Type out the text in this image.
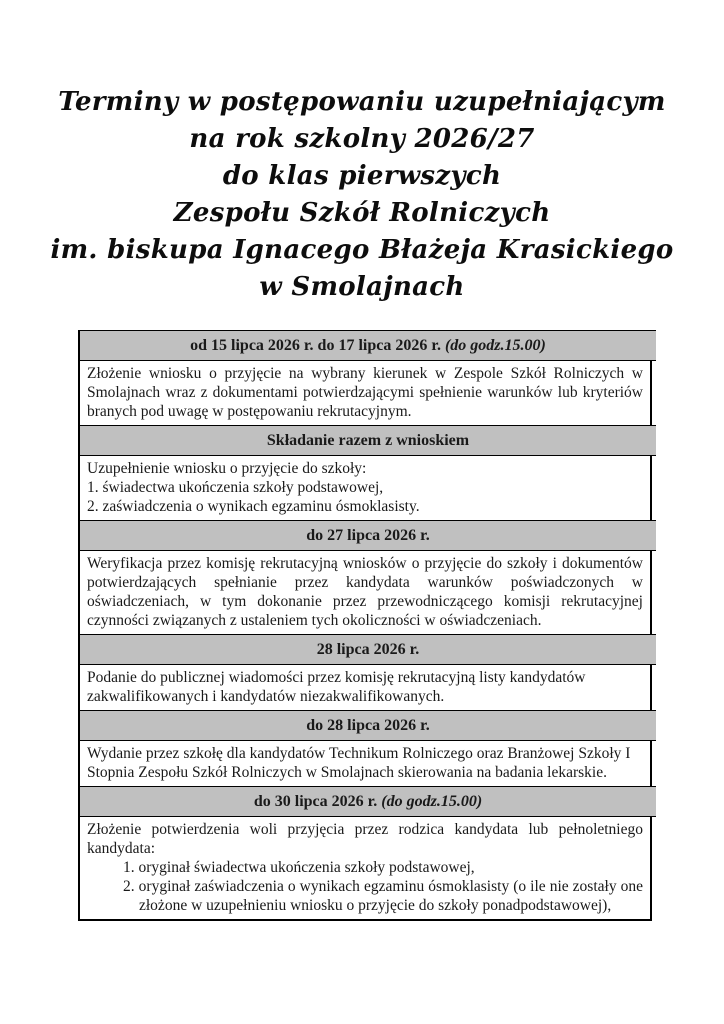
Terminy w postępowaniu uzupełniającym
na rok szkolny 2026/27
do klas pierwszych
Zespołu Szkół Rolniczych
im. biskupa Ignacego Błażeja Krasickiego
w Smolajnach
od 15 lipca 2026 r. do 17 lipca 2026 r. (do godz.15.00)
Złożenie wniosku o przyjęcie na wybrany kierunek w Zespole Szkół Rolniczych w Smolajnach wraz z dokumentami potwierdzającymi spełnienie warunków lub kryteriów branych pod uwagę w postępowaniu rekrutacyjnym.
Składanie razem z wnioskiem
Uzupełnienie wniosku o przyjęcie do szkoły:
1. świadectwa ukończenia szkoły podstawowej,
2. zaświadczenia o wynikach egzaminu ósmoklasisty.
do 27 lipca 2026 r.
Weryfikacja przez komisję rekrutacyjną wniosków o przyjęcie do szkoły i dokumentów potwierdzających spełnianie przez kandydata warunków poświadczonych w oświadczeniach, w tym dokonanie przez przewodniczącego komisji rekrutacyjnej czynności związanych z ustaleniem tych okoliczności w oświadczeniach.
28 lipca 2026 r.
Podanie do publicznej wiadomości przez komisję rekrutacyjną listy kandydatów zakwalifikowanych i kandydatów niezakwalifikowanych.
do 28 lipca 2026 r.
Wydanie przez szkołę dla kandydatów Technikum Rolniczego oraz Branżowej Szkoły I Stopnia Zespołu Szkół Rolniczych w Smolajnach skierowania na badania lekarskie.
do 30 lipca 2026 r. (do godz.15.00)
Złożenie potwierdzenia woli przyjęcia przez rodzica kandydata lub pełnoletniego kandydata:
1. oryginał świadectwa ukończenia szkoły podstawowej,
2. oryginał zaświadczenia o wynikach egzaminu ósmoklasisty (o ile nie zostały one złożone w uzupełnieniu wniosku o przyjęcie do szkoły ponadpodstawowej),
